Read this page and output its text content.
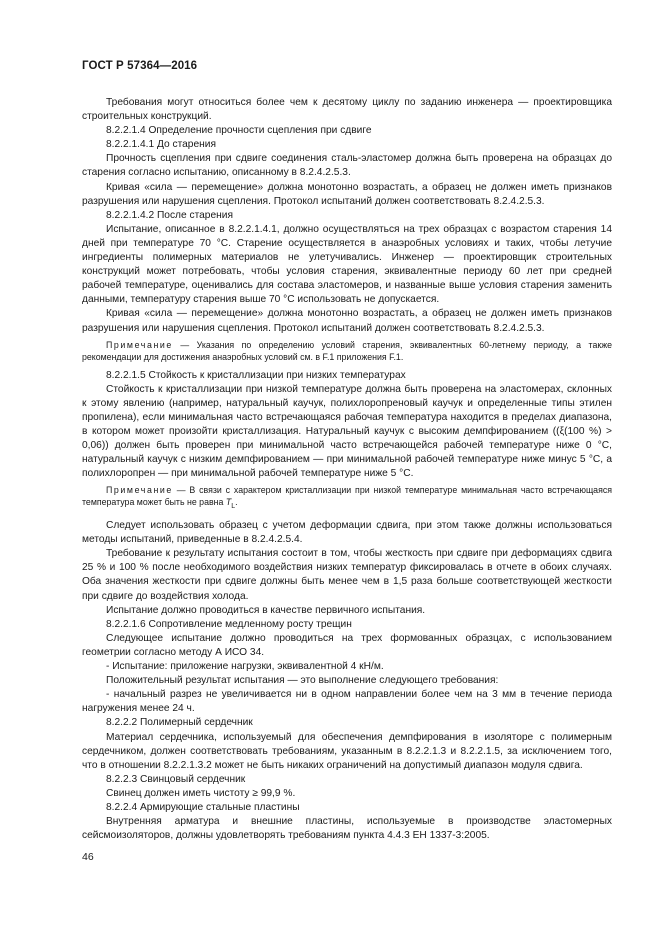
ГОСТ Р 57364—2016

Требования могут относиться более чем к десятому циклу по заданию инженера — проектировщика строительных конструкций.

8.2.2.1.4 Определение прочности сцепления при сдвиге

8.2.2.1.4.1 До старения

Прочность сцепления при сдвиге соединения сталь-эластомер должна быть проверена на образцах до старения согласно испытанию, описанному в 8.2.4.2.5.3.

Кривая «сила — перемещение» должна монотонно возрастать, а образец не должен иметь признаков разрушения или нарушения сцепления. Протокол испытаний должен соответствовать 8.2.4.2.5.3.

8.2.2.1.4.2 После старения

Испытание, описанное в 8.2.2.1.4.1, должно осуществляться на трех образцах с возрастом старения 14 дней при температуре 70 °С. Старение осуществляется в анаэробных условиях и таких, чтобы летучие ингредиенты полимерных материалов не улетучивались. Инженер — проектировщик строительных конструкций может потребовать, чтобы условия старения, эквивалентные периоду 60 лет при средней рабочей температуре, оценивались для состава эластомеров, и названные выше условия старения заменить данными, температуру старения выше 70 °С использовать не допускается.

Кривая «сила — перемещение» должна монотонно возрастать, а образец не должен иметь признаков разрушения или нарушения сцепления. Протокол испытаний должен соответствовать 8.2.4.2.5.3.

Примечание — Указания по определению условий старения, эквивалентных 60-летнему периоду, а также рекомендации для достижения анаэробных условий см. в F.1 приложения F.1.

8.2.2.1.5 Стойкость к кристаллизации при низких температурах

Стойкость к кристаллизации при низкой температуре должна быть проверена на эластомерах, склонных к этому явлению (например, натуральный каучук, полихлоропреновый каучук и определенные типы этилен пропилена), если минимальная часто встречающаяся рабочая температура находится в пределах диапазона, в котором может произойти кристаллизация. Натуральный каучук с высоким демпфированием ((ξ(100 %) > 0,06)) должен быть проверен при минимальной часто встречающейся рабочей температуре ниже 0 °С, натуральный каучук с низким демпфированием — при минимальной рабочей температуре ниже минус 5 °С, а полихлоропрен — при минимальной рабочей температуре ниже 5 °С.

Примечание — В связи с характером кристаллизации при низкой температуре минимальная часто встречающаяся температура может быть не равна $T_L$.

Следует использовать образец с учетом деформации сдвига, при этом также должны использоваться методы испытаний, приведенные в 8.2.4.2.5.4.

Требование к результату испытания состоит в том, чтобы жесткость при сдвиге при деформациях сдвига 25 % и 100 % после необходимого воздействия низких температур фиксировалась в отчете в обоих случаях. Оба значения жесткости при сдвиге должны быть менее чем в 1,5 раза больше соответствующей жесткости при сдвиге до воздействия холода.

Испытание должно проводиться в качестве первичного испытания.

8.2.2.1.6 Сопротивление медленному росту трещин

Следующее испытание должно проводиться на трех формованных образцах, с использованием геометрии согласно методу А ИСО 34.

- Испытание: приложение нагрузки, эквивалентной 4 кН/м.

Положительный результат испытания — это выполнение следующего требования:

- начальный разрез не увеличивается ни в одном направлении более чем на 3 мм в течение периода нагружения менее 24 ч.

8.2.2.2 Полимерный сердечник

Материал сердечника, используемый для обеспечения демпфирования в изоляторе с полимерным сердечником, должен соответствовать требованиям, указанным в 8.2.2.1.3 и 8.2.2.1.5, за исключением того, что в отношении 8.2.2.1.3.2 может не быть никаких ограничений на допустимый диапазон модуля сдвига.

8.2.2.3 Свинцовый сердечник

Свинец должен иметь чистоту ≥ 99,9 %.

8.2.2.4 Армирующие стальные пластины

Внутренняя арматура и внешние пластины, используемые в производстве эластомерных сейсмоизоляторов, должны удовлетворять требованиям пункта 4.4.3 ЕН 1337-3:2005.

46
